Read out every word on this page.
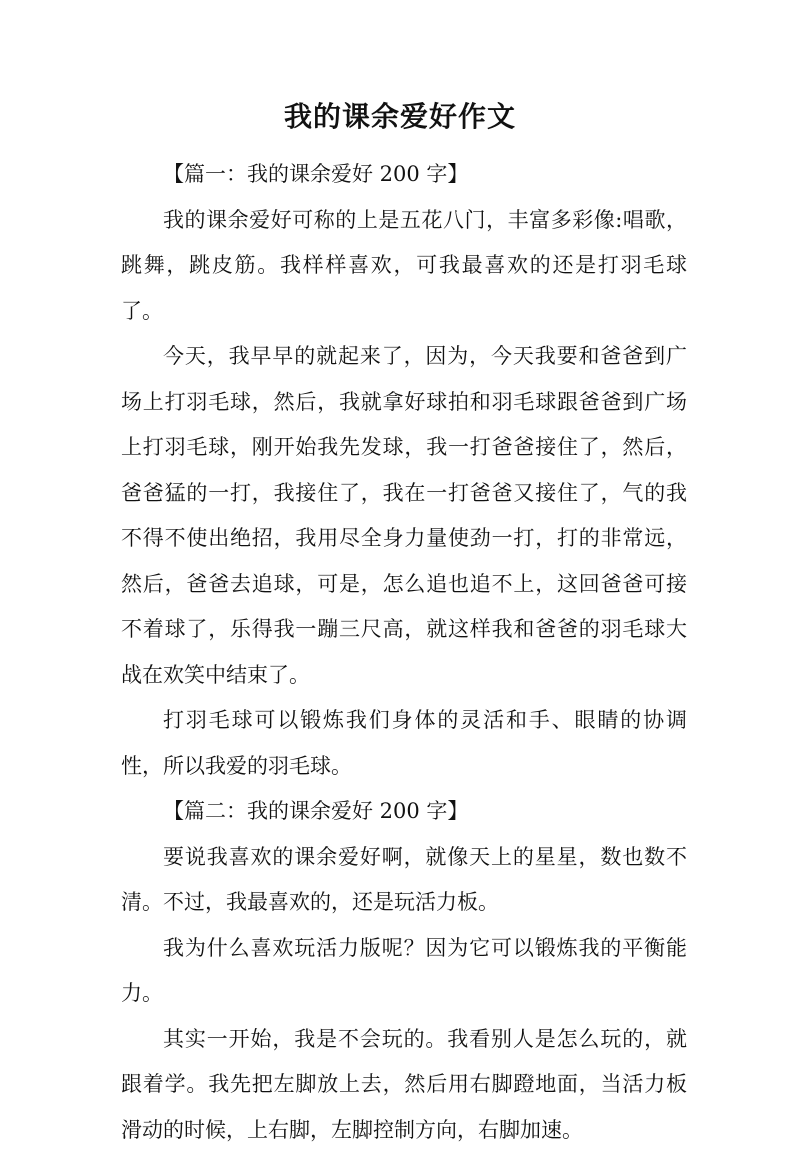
我的课余爱好作文

【篇一：我的课余爱好 200 字】

我的课余爱好可称的上是五花八门，丰富多彩像:唱歌，跳舞，跳皮筋。我样样喜欢，可我最喜欢的还是打羽毛球了。

今天，我早早的就起来了，因为，今天我要和爸爸到广场上打羽毛球，然后，我就拿好球拍和羽毛球跟爸爸到广场上打羽毛球，刚开始我先发球，我一打爸爸接住了，然后，爸爸猛的一打，我接住了，我在一打爸爸又接住了，气的我不得不使出绝招，我用尽全身力量使劲一打，打的非常远，然后，爸爸去追球，可是，怎么追也追不上，这回爸爸可接不着球了，乐得我一蹦三尺高，就这样我和爸爸的羽毛球大战在欢笑中结束了。

打羽毛球可以锻炼我们身体的灵活和手、眼睛的协调性，所以我爱的羽毛球。

【篇二：我的课余爱好 200 字】

要说我喜欢的课余爱好啊，就像天上的星星，数也数不清。不过，我最喜欢的，还是玩活力板。

我为什么喜欢玩活力版呢？因为它可以锻炼我的平衡能力。

其实一开始，我是不会玩的。我看别人是怎么玩的，就跟着学。我先把左脚放上去，然后用右脚蹬地面，当活力板滑动的时候，上右脚，左脚控制方向，右脚加速。
